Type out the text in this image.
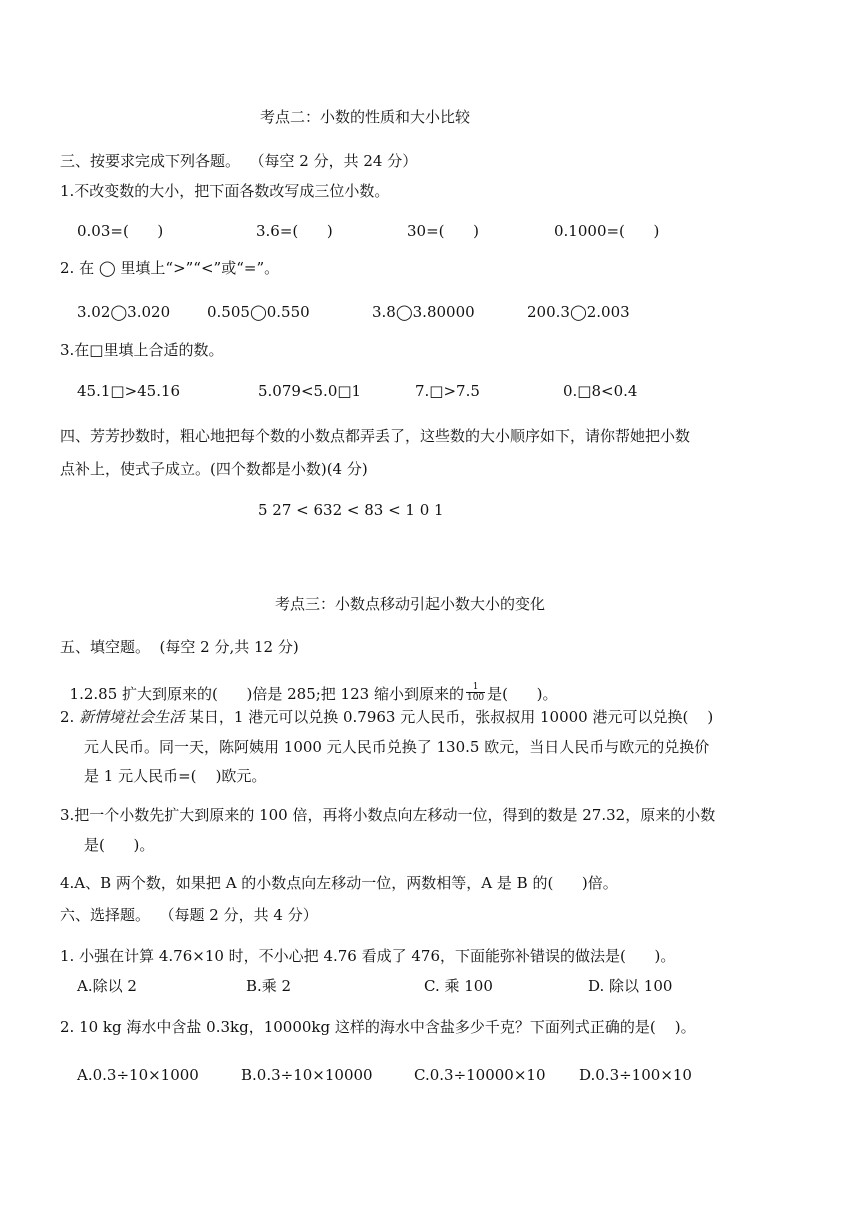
考点二：小数的性质和大小比较
三、按要求完成下列各题。  （每空 2 分，共 24 分）
1.不改变数的大小，把下面各数改写成三位小数。
0.03=(      )	3.6=(      )	30=(      )	0.1000=(      )
2. 在 ◯ 里填上“>”“<”或“=”。
3.02◯3.020 0.505◯0.550	3.8◯3.80000	200.3◯2.003
3.在□里填上合适的数。
45.1□>45.16	5.079<5.0□1	7.□>7.5	0.□8<0.4
四、芳芳抄数时，粗心地把每个数的小数点都弄丢了，这些数的大小顺序如下，请你帮她把小数
点补上，使式子成立。(四个数都是小数)(4 分)
5 27 < 632 < 83 < 1 0 1
考点三：小数点移动引起小数大小的变化
五、填空题。  (每空 2 分,共 12 分)

1.2.85 扩大到原来的(      )倍是 285;把 123 缩小到原来的 $\frac{1}{100}$ 是(      )。

2. 新情境社会生活 某日，1 港元可以兑换 0.7963 元人民币，张叔叔用 10000 港元可以兑换(    )
元人民币。同一天，陈阿姨用 1000 元人民币兑换了 130.5 欧元，当日人民币与欧元的兑换价
是 1 元人民币=(    )欧元。
3.把一个小数先扩大到原来的 100 倍，再将小数点向左移动一位，得到的数是 27.32，原来的小数
是(      )。
4.A、B 两个数，如果把 A 的小数点向左移动一位，两数相等，A 是 B 的(      )倍。
六、选择题。  （每题 2 分，共 4 分）
1. 小强在计算 4.76×10 时，不小心把 4.76 看成了 476，下面能弥补错误的做法是(      )。
A.除以 2	B.乘 2	C. 乘 100	D. 除以 100
2. 10 kg 海水中含盐 0.3kg，10000kg 这样的海水中含盐多少千克？下面列式正确的是(    )。
A.0.3÷10×1000	B.0.3÷10×10000	C.0.3÷10000×10 D.0.3÷100×10
